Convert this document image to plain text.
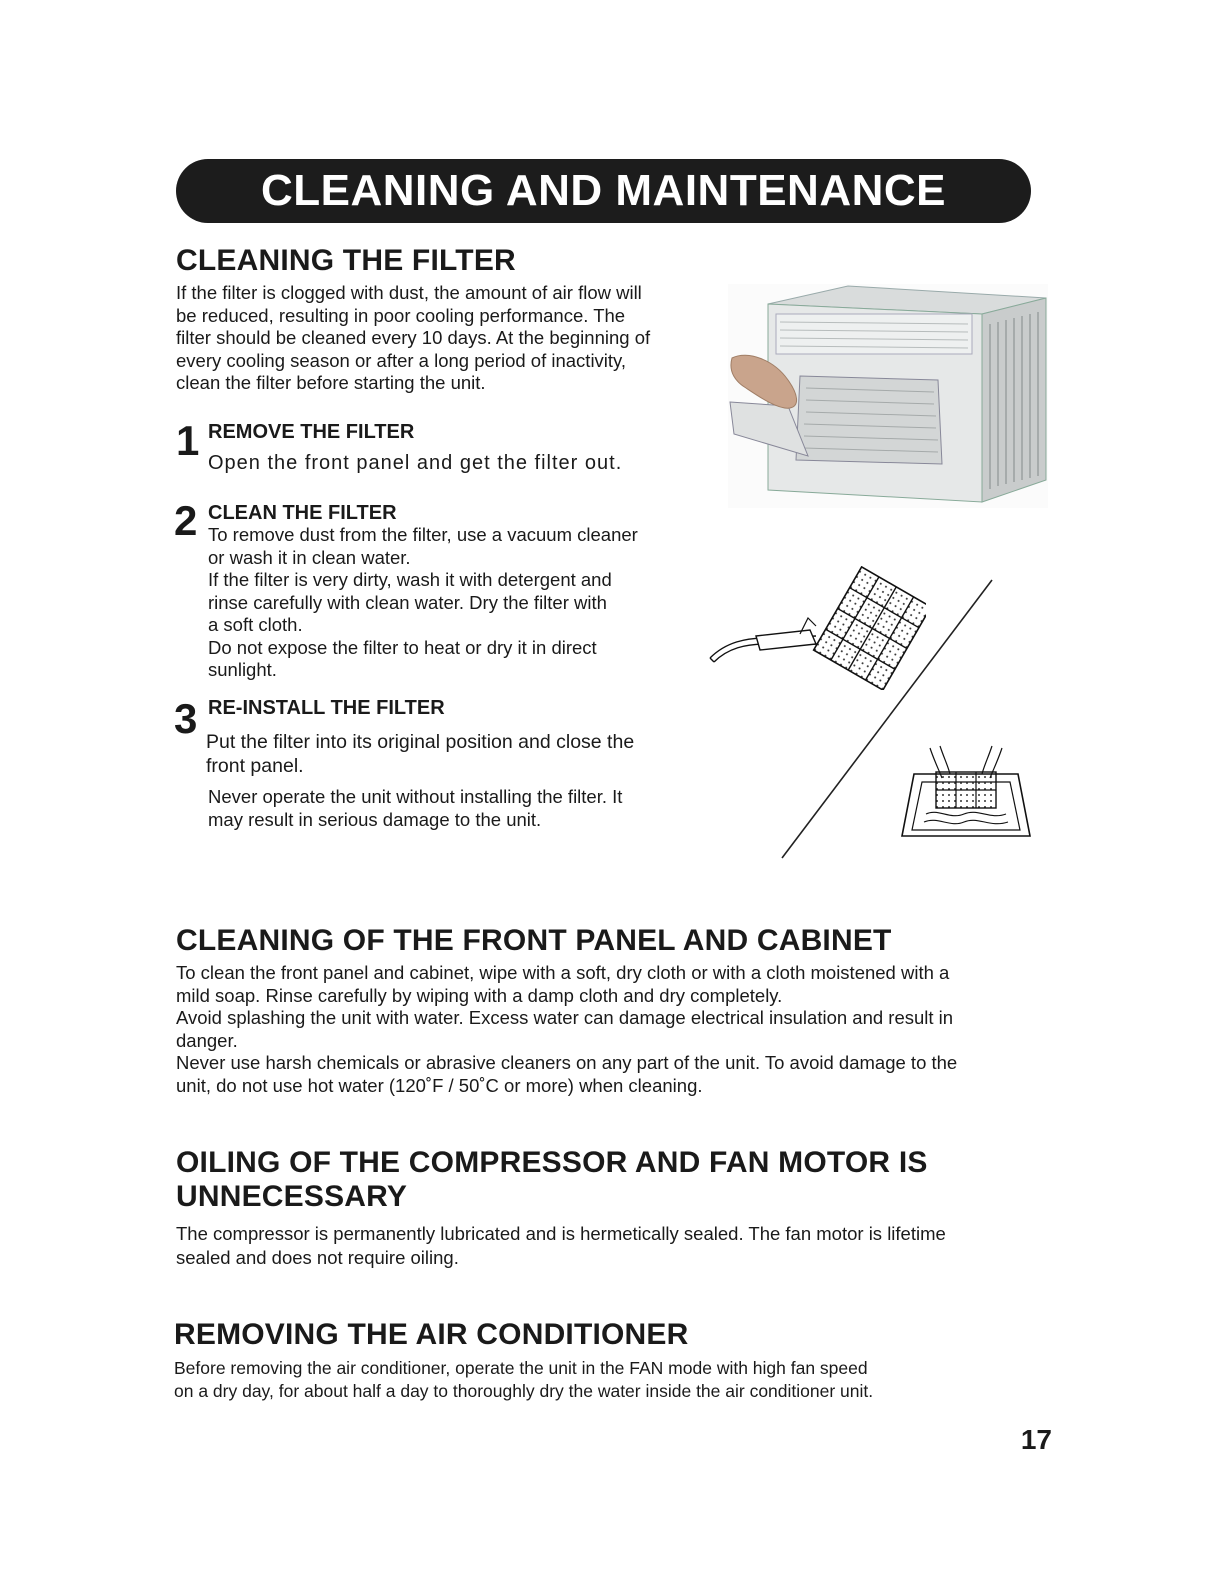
CLEANING AND MAINTENANCE
CLEANING THE FILTER

If the filter is clogged with dust, the amount of air flow will
be reduced, resulting in poor cooling performance. The
filter should be cleaned every 10 days. At the beginning of
every cooling season or after a long period of inactivity,
clean the filter before starting the unit.

1 REMOVE THE FILTER
Open the front panel and get the filter out.
2 CLEAN THE FILTER
To remove dust from the filter, use a vacuum cleaner
or wash it in clean water.
If the filter is very dirty, wash it with detergent and
rinse carefully with clean water. Dry the filter with
a soft cloth.
Do not expose the filter to heat or dry it in direct
sunlight.
3 RE-INSTALL THE FILTER
Put the filter into its original position and close the
front panel.
Never operate the unit without installing the filter. It
may result in serious damage to the unit.
CLEANING OF THE FRONT PANEL AND CABINET

To clean the front panel and cabinet, wipe with a soft, dry cloth or with a cloth moistened with a
mild soap. Rinse carefully by wiping with a damp cloth and dry completely.
Avoid splashing the unit with water. Excess water can damage electrical insulation and result in
danger.
Never use harsh chemicals or abrasive cleaners on any part of the unit. To avoid damage to the
unit, do not use hot water (120˚F / 50˚C or more) when cleaning.

OILING OF THE COMPRESSOR AND FAN MOTOR IS
UNNECESSARY

The compressor is permanently lubricated and is hermetically sealed. The fan motor is lifetime
sealed and does not require oiling.

REMOVING THE AIR CONDITIONER

Before removing the air conditioner, operate the unit in the FAN mode with high fan speed
on a dry day, for about half a day to thoroughly dry the water inside the air conditioner unit.

17
